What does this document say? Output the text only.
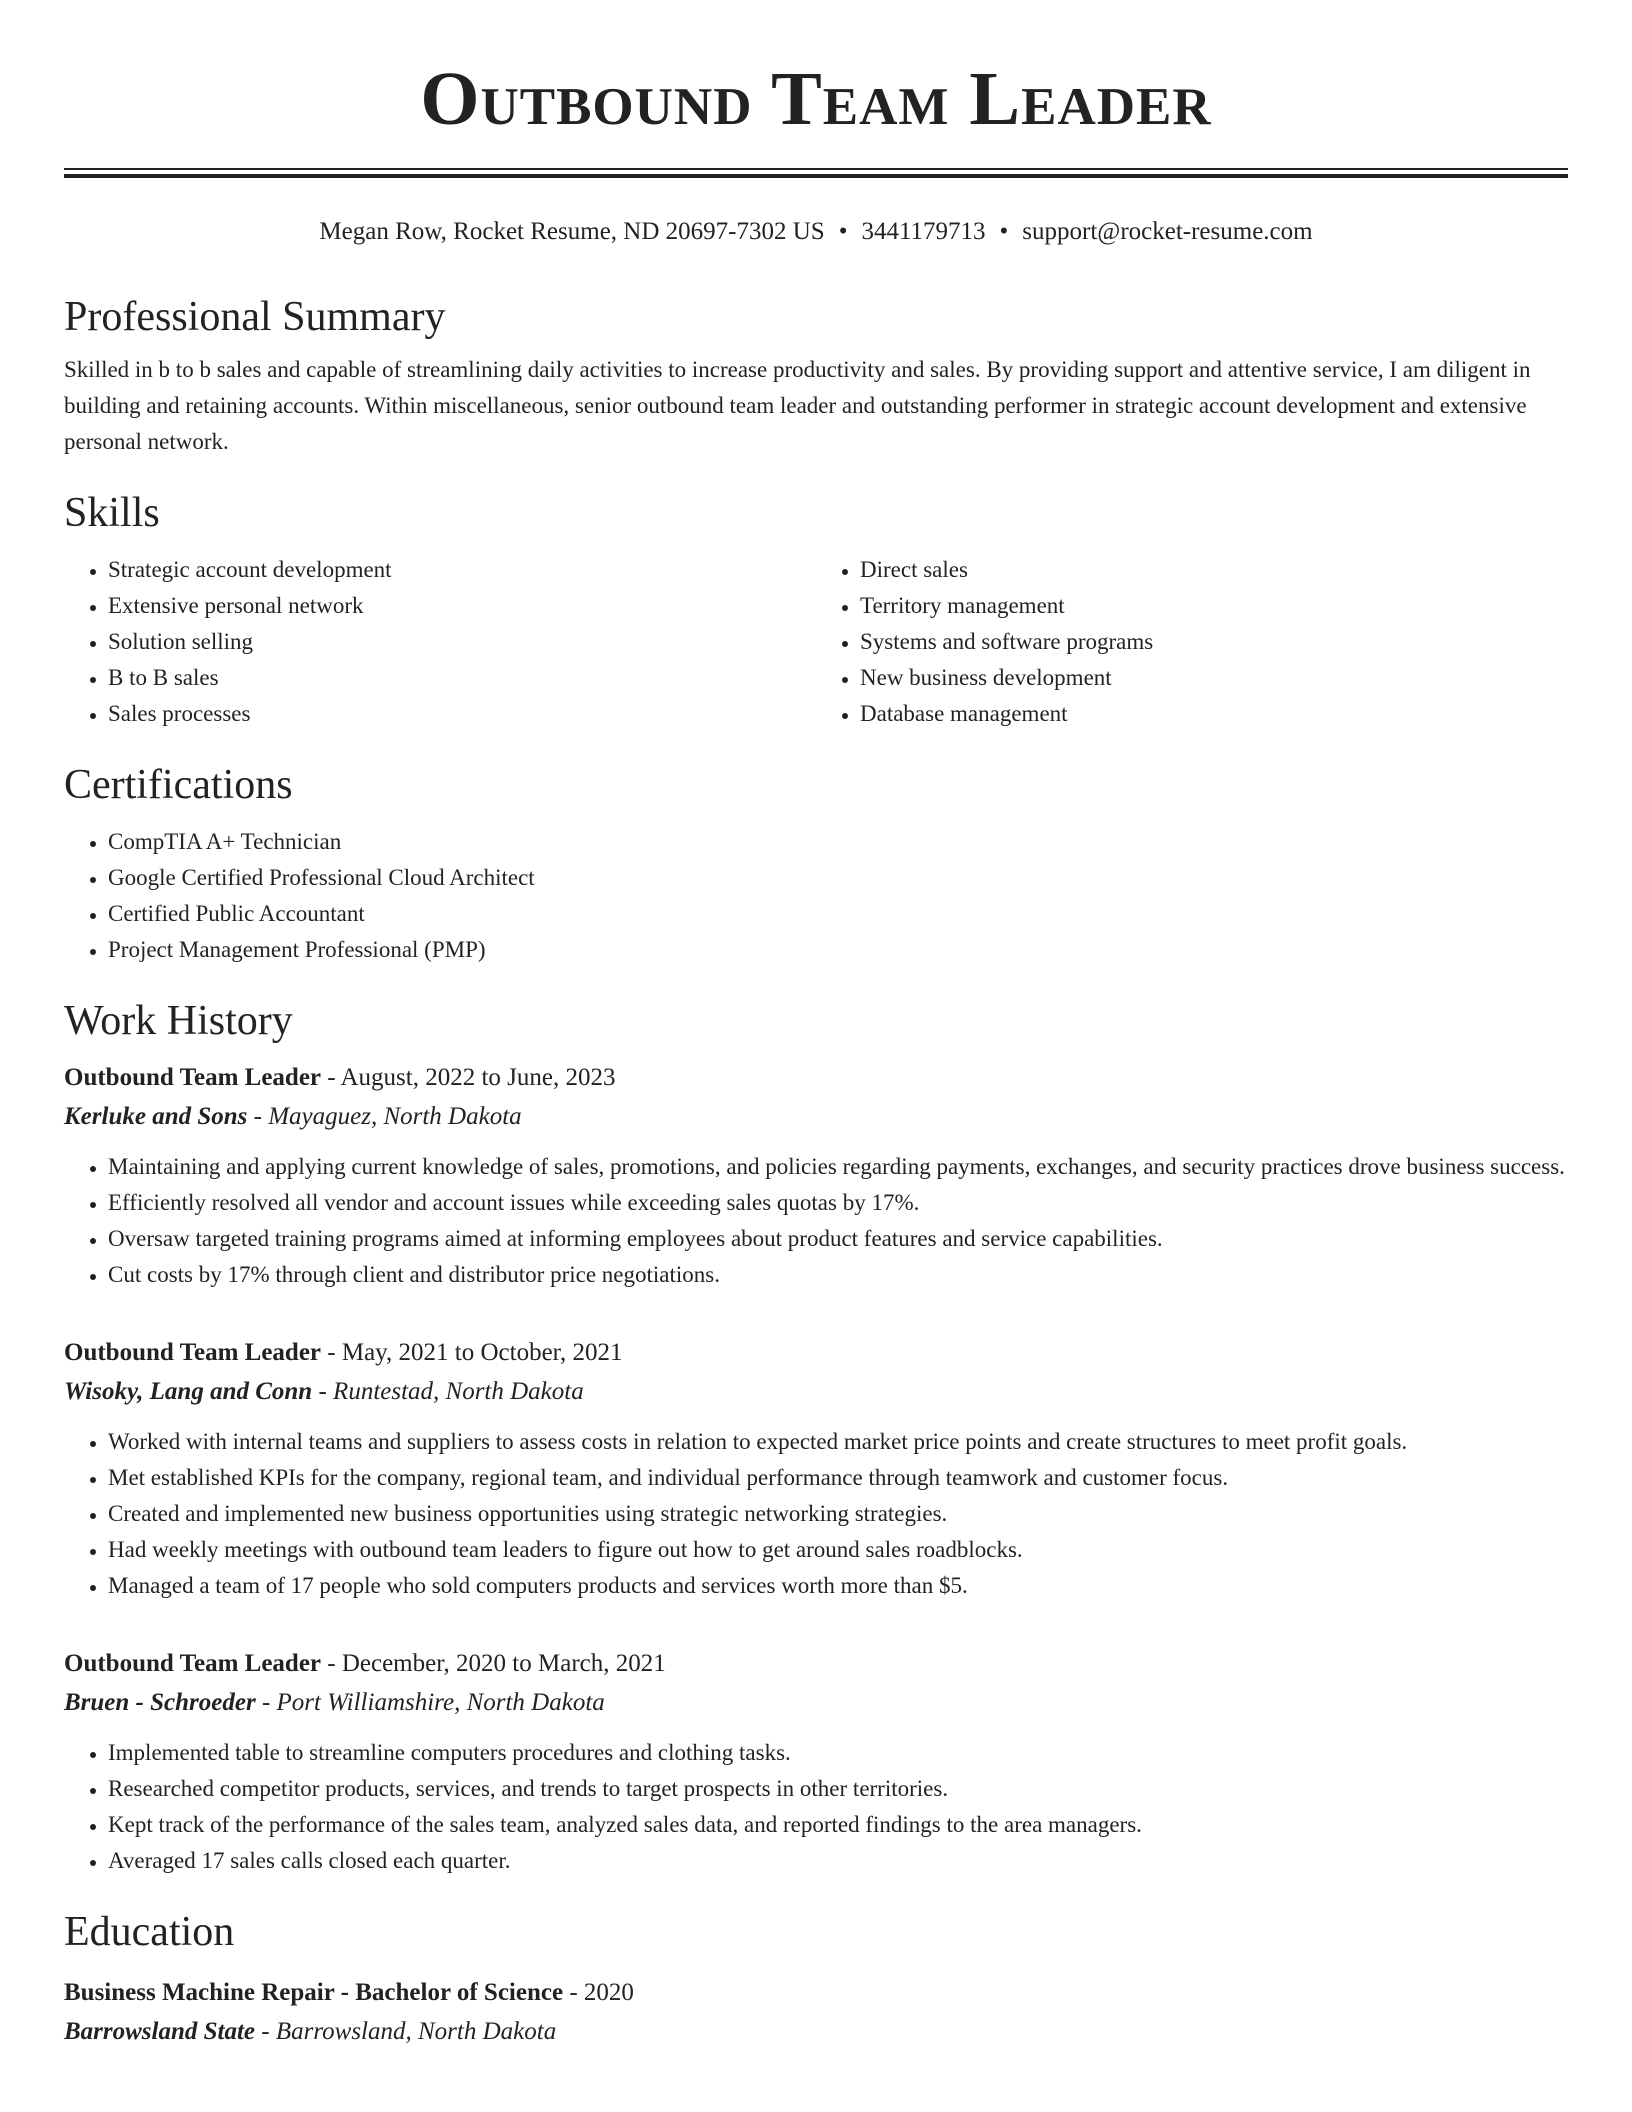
Outbound Team Leader
Megan Row, Rocket Resume, ND 20697-7302 US • 3441179713 • support@rocket-resume.com
Professional Summary

Skilled in b to b sales and capable of streamlining daily activities to increase productivity and sales. By providing support and attentive service, I am diligent in building and retaining accounts. Within miscellaneous, senior outbound team leader and outstanding performer in strategic account development and extensive personal network.

Skills
• Strategic account development
• Extensive personal network
• Solution selling
• B to B sales
• Sales processes
• Direct sales
• Territory management
• Systems and software programs
• New business development
• Database management
Certifications
• CompTIA A+ Technician
• Google Certified Professional Cloud Architect
• Certified Public Accountant
• Project Management Professional (PMP)
Work History
Outbound Team Leader - August, 2022 to June, 2023
Kerluke and Sons - Mayaguez, North Dakota
• Maintaining and applying current knowledge of sales, promotions, and policies regarding payments, exchanges, and security practices drove business success.
• Efficiently resolved all vendor and account issues while exceeding sales quotas by 17%.
• Oversaw targeted training programs aimed at informing employees about product features and service capabilities.
• Cut costs by 17% through client and distributor price negotiations.
Outbound Team Leader - May, 2021 to October, 2021
Wisoky, Lang and Conn - Runtestad, North Dakota
• Worked with internal teams and suppliers to assess costs in relation to expected market price points and create structures to meet profit goals.
• Met established KPIs for the company, regional team, and individual performance through teamwork and customer focus.
• Created and implemented new business opportunities using strategic networking strategies.
• Had weekly meetings with outbound team leaders to figure out how to get around sales roadblocks.
• Managed a team of 17 people who sold computers products and services worth more than $5.
Outbound Team Leader - December, 2020 to March, 2021
Bruen - Schroeder - Port Williamshire, North Dakota
• Implemented table to streamline computers procedures and clothing tasks.
• Researched competitor products, services, and trends to target prospects in other territories.
• Kept track of the performance of the sales team, analyzed sales data, and reported findings to the area managers.
• Averaged 17 sales calls closed each quarter.
Education
Business Machine Repair - Bachelor of Science - 2020
Barrowsland State - Barrowsland, North Dakota
